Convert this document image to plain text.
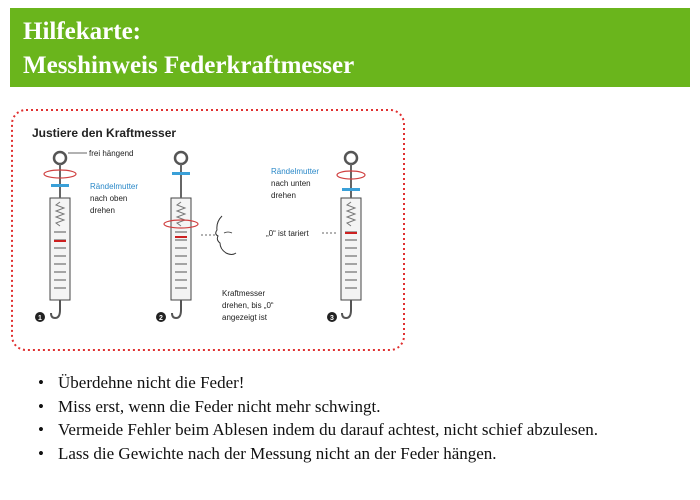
Hilfekarte:
Messhinweis Federkraftmesser
Justiere den Kraftmesser
1
frei hängend
Rändelmutter
nach oben
drehen
2
Kraftmesser
drehen, bis „0“
angezeigt ist	3
Rändelmutter
nach unten
drehen
„0“ ist tariert
• Überdehne nicht die Feder!
• Miss erst, wenn die Feder nicht mehr schwingt.
• Vermeide Fehler beim Ablesen indem du darauf achtest, nicht schief abzulesen.
• Lass die Gewichte nach der Messung nicht an der Feder hängen.
